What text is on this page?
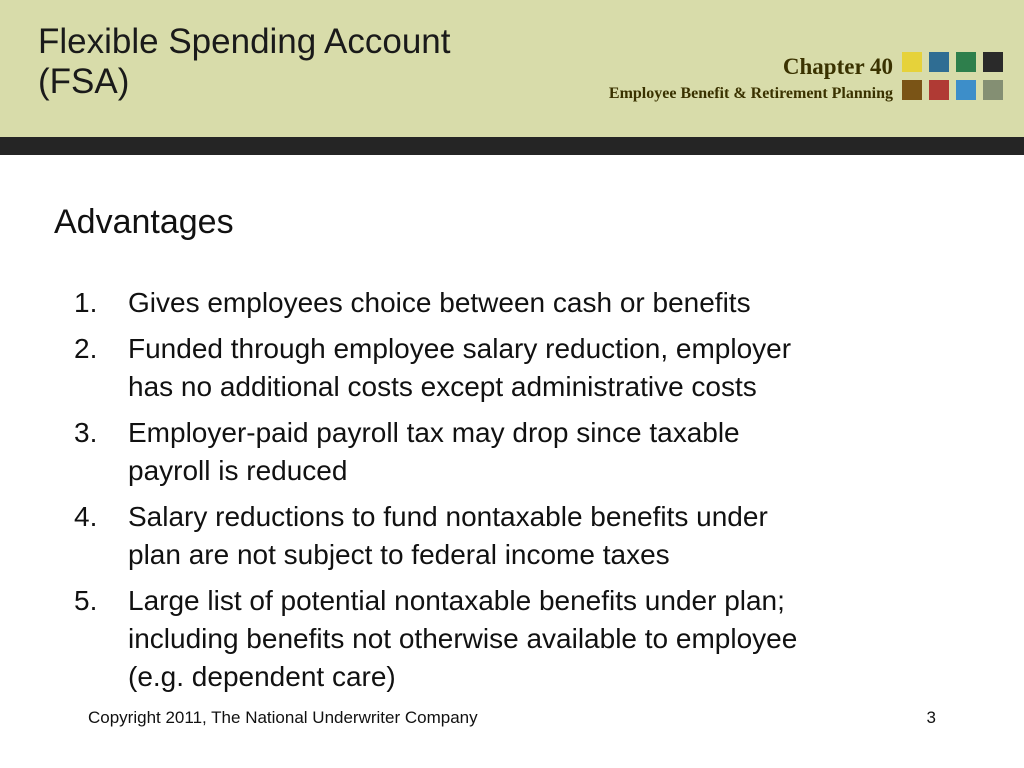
Flexible Spending Account
(FSA)	Chapter 40
Employee Benefit & Retirement Planning
Advantages
1. Gives employees choice between cash or benefits
2. Funded through employee salary reduction, employer
has no additional costs except administrative costs
3. Employer-paid payroll tax may drop since taxable
payroll is reduced
4. Salary reductions to fund nontaxable benefits under
plan are not subject to federal income taxes
5. Large list of potential nontaxable benefits under plan;
including benefits not otherwise available to employee
(e.g. dependent care)
Copyright 2011, The National Underwriter Company	3
